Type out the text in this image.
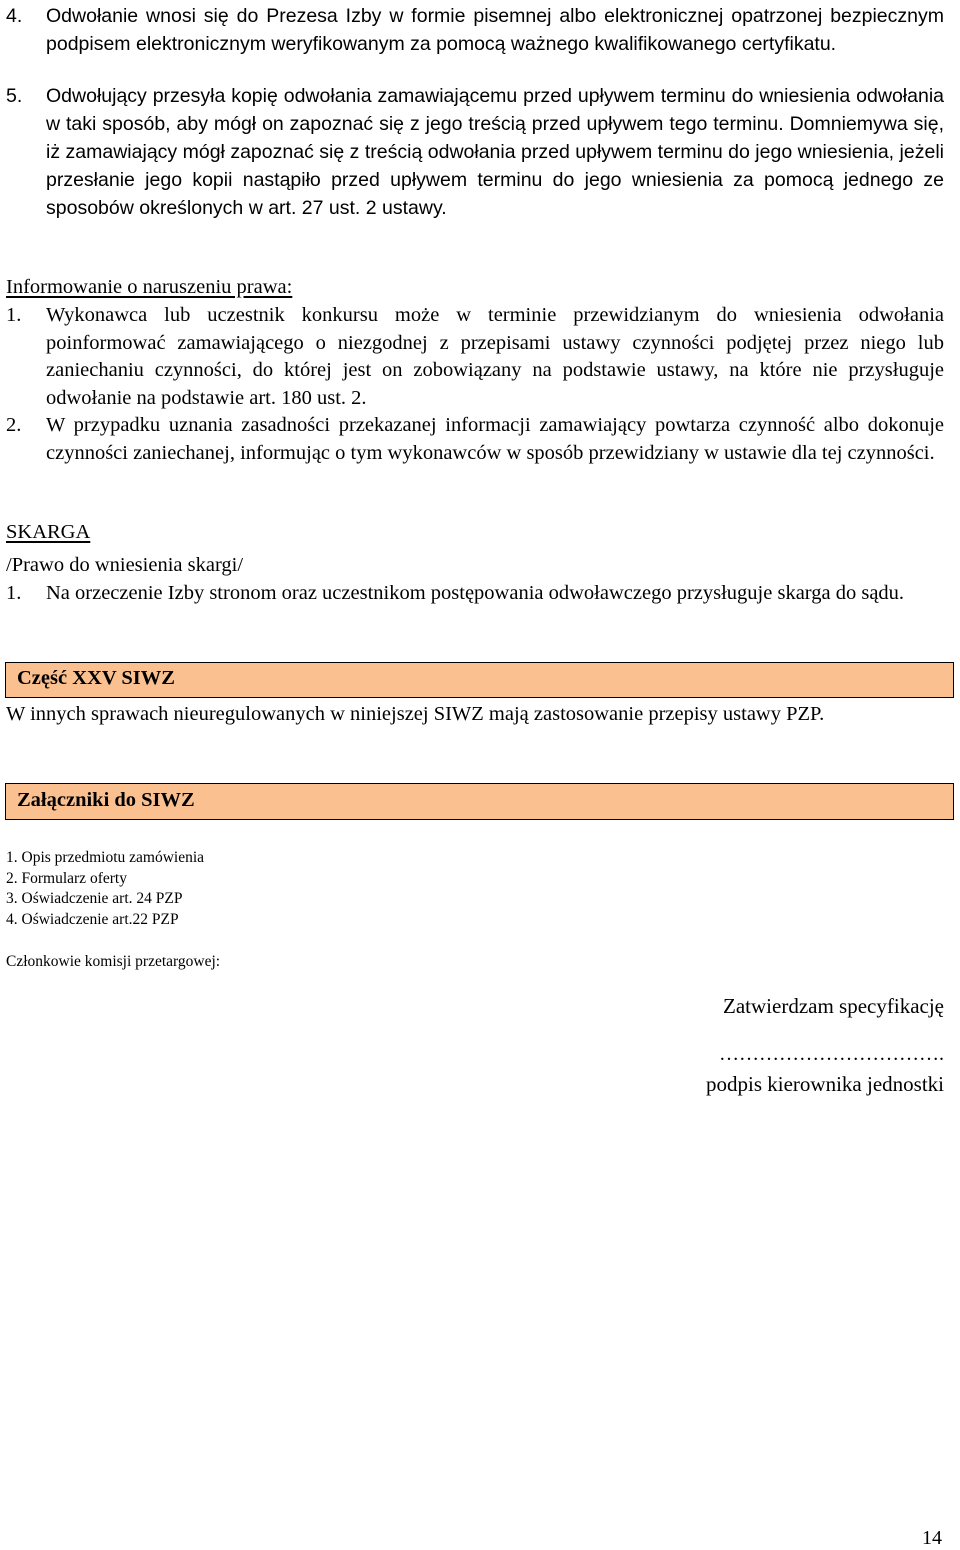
4. Odwołanie wnosi się do Prezesa Izby w formie pisemnej albo elektronicznej opatrzonej bezpiecznym podpisem elektronicznym weryfikowanym za pomocą ważnego kwalifikowanego certyfikatu.
5. Odwołujący przesyła kopię odwołania zamawiającemu przed upływem terminu do wniesienia odwołania w taki sposób, aby mógł on zapoznać się z jego treścią przed upływem tego terminu. Domniemywa się, iż zamawiający mógł zapoznać się z treścią odwołania przed upływem terminu do jego wniesienia, jeżeli przesłanie jego kopii nastąpiło przed upływem terminu do jego wniesienia za pomocą jednego ze sposobów określonych w art. 27 ust. 2 ustawy.
Informowanie o naruszeniu prawa:
1. Wykonawca lub uczestnik konkursu może w terminie przewidzianym do wniesienia odwołania poinformować zamawiającego o niezgodnej z przepisami ustawy czynności podjętej przez niego lub zaniechaniu czynności, do której jest on zobowiązany na podstawie ustawy, na które nie przysługuje odwołanie na podstawie art. 180 ust. 2.
2. W przypadku uznania zasadności przekazanej informacji zamawiający powtarza czynność albo dokonuje czynności zaniechanej, informując o tym wykonawców w sposób przewidziany w ustawie dla tej czynności.
SKARGA
/Prawo do wniesienia skargi/
1. Na orzeczenie Izby stronom oraz uczestnikom postępowania odwoławczego przysługuje skarga do sądu.
Część XXV SIWZ
W innych sprawach nieuregulowanych w niniejszej SIWZ mają zastosowanie przepisy ustawy PZP.
Załączniki do SIWZ
1. Opis przedmiotu zamówienia
2. Formularz oferty
3. Oświadczenie art. 24 PZP
4. Oświadczenie art.22 PZP
Członkowie komisji przetargowej:
Zatwierdzam specyfikację
…………………………….
podpis kierownika jednostki
14
